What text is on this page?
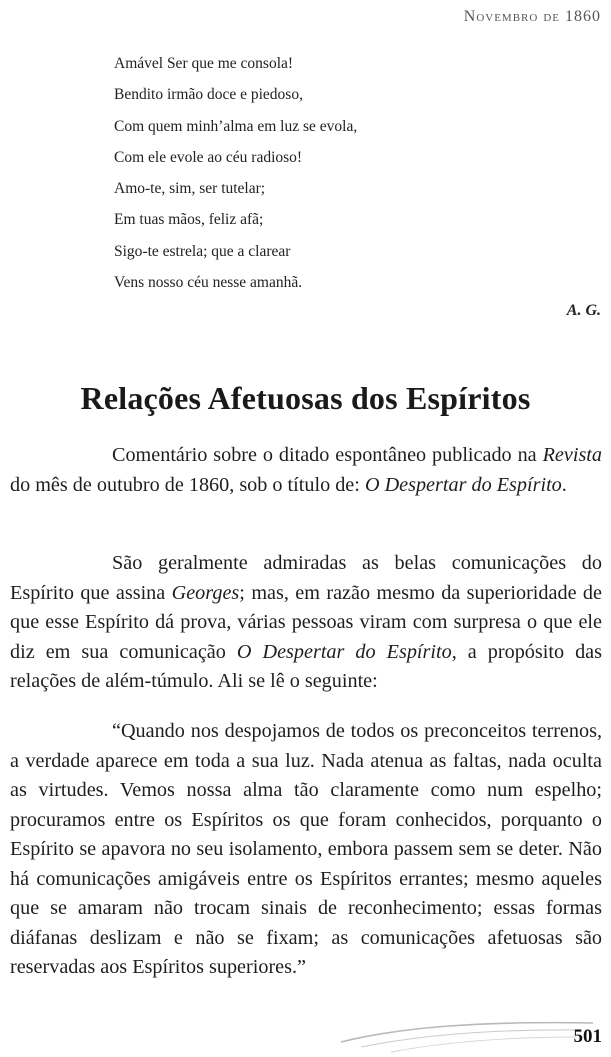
Novembro de 1860
Amável Ser que me consola!
Bendito irmão doce e piedoso,
Com quem minh’alma em luz se evola,
Com ele evole ao céu radioso!
Amo-te, sim, ser tutelar;
Em tuas mãos, feliz afã;
Sigo-te estrela; que a clarear
Vens nosso céu nesse amanhã.
A. G.
Relações Afetuosas dos Espíritos
Comentário sobre o ditado espontâneo publicado na Revista do mês de outubro de 1860, sob o título de: O Despertar do Espírito.
São geralmente admiradas as belas comunicações do Espírito que assina Georges; mas, em razão mesmo da superioridade de que esse Espírito dá prova, várias pessoas viram com surpresa o que ele diz em sua comunicação O Despertar do Espírito, a propósito das relações de além-túmulo. Ali se lê o seguinte:
“Quando nos despojamos de todos os preconceitos terrenos, a verdade aparece em toda a sua luz. Nada atenua as faltas, nada oculta as virtudes. Vemos nossa alma tão claramente como num espelho; procuramos entre os Espíritos os que foram conhecidos, porquanto o Espírito se apavora no seu isolamento, embora passem sem se deter. Não há comunicações amigáveis entre os Espíritos errantes; mesmo aqueles que se amaram não trocam sinais de reconhecimento; essas formas diáfanas deslizam e não se fixam; as comunicações afetuosas são reservadas aos Espíritos superiores.”
501
